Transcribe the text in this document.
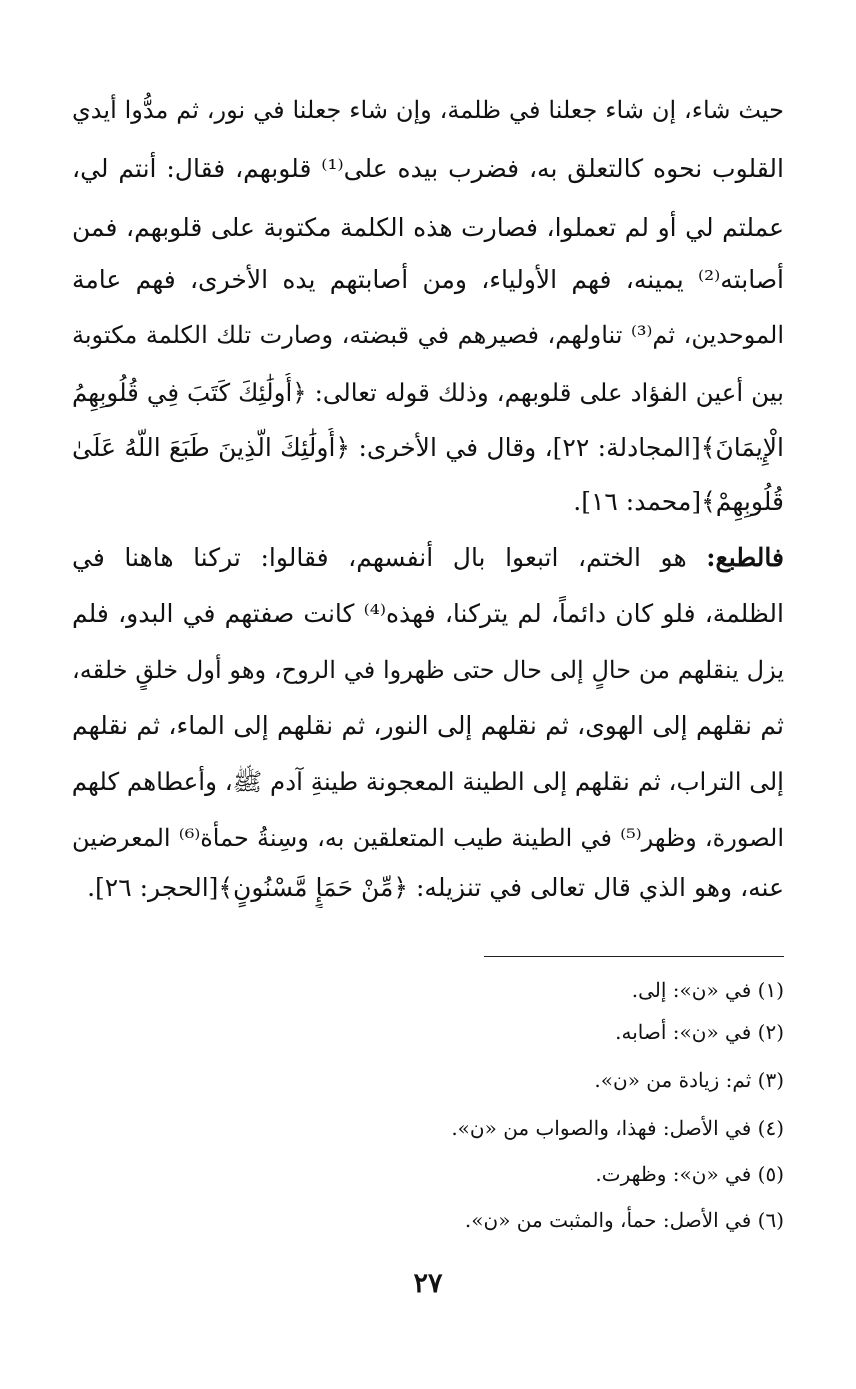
حيث شاء، إن شاء جعلنا في ظلمة، وإن شاء جعلنا في نور، ثم مدُّوا أيدي
القلوب نحوه كالتعلق به، فضرب بيده على⁽¹⁾ قلوبهم، فقال: أنتم لي،
عملتم لي أو لم تعملوا، فصارت هذه الكلمة مكتوبة على قلوبهم، فمن
أصابته⁽²⁾ يمينه، فهم الأولياء، ومن أصابتهم يده الأخرى، فهم عامة
الموحدين، ثم⁽³⁾ تناولهم، فصيرهم في قبضته، وصارت تلك الكلمة مكتوبة
بين أعين الفؤاد على قلوبهم، وذلك قوله تعالى: ﴿أُولَٰئِكَ كَتَبَ فِي قُلُوبِهِمُ
الْإِيمَانَ﴾[المجادلة: ٢٢]، وقال في الأخرى: ﴿أُولَٰئِكَ الَّذِينَ طَبَعَ اللَّهُ عَلَىٰ
قُلُوبِهِمْ﴾[محمد: ١٦].
فالطبع: هو الختم، اتبعوا بال أنفسهم، فقالوا: تركنا هاهنا في
الظلمة، فلو كان دائماً، لم يتركنا، فهذه⁽⁴⁾ كانت صفتهم في البدو، فلم
يزل ينقلهم من حالٍ إلى حال حتى ظهروا في الروح، وهو أول خلقٍ خلقه،
ثم نقلهم إلى الهوى، ثم نقلهم إلى النور، ثم نقلهم إلى الماء، ثم نقلهم
إلى التراب، ثم نقلهم إلى الطينة المعجونة طينةِ آدم ﷺ، وأعطاهم كلهم
الصورة، وظهر⁽⁵⁾ في الطينة طيب المتعلقين به، وسِنةُ حمأة⁽⁶⁾ المعرضين
عنه، وهو الذي قال تعالى في تنزيله: ﴿مِّنْ حَمَإٍ مَّسْنُونٍ﴾[الحجر: ٢٦].
(١) في «ن»: إلى.
(٢) في «ن»: أصابه.
(٣) ثم: زيادة من «ن».
(٤) في الأصل: فهذا، والصواب من «ن».
(٥) في «ن»: وظهرت.
(٦) في الأصل: حمأ، والمثبت من «ن».
٢٧
